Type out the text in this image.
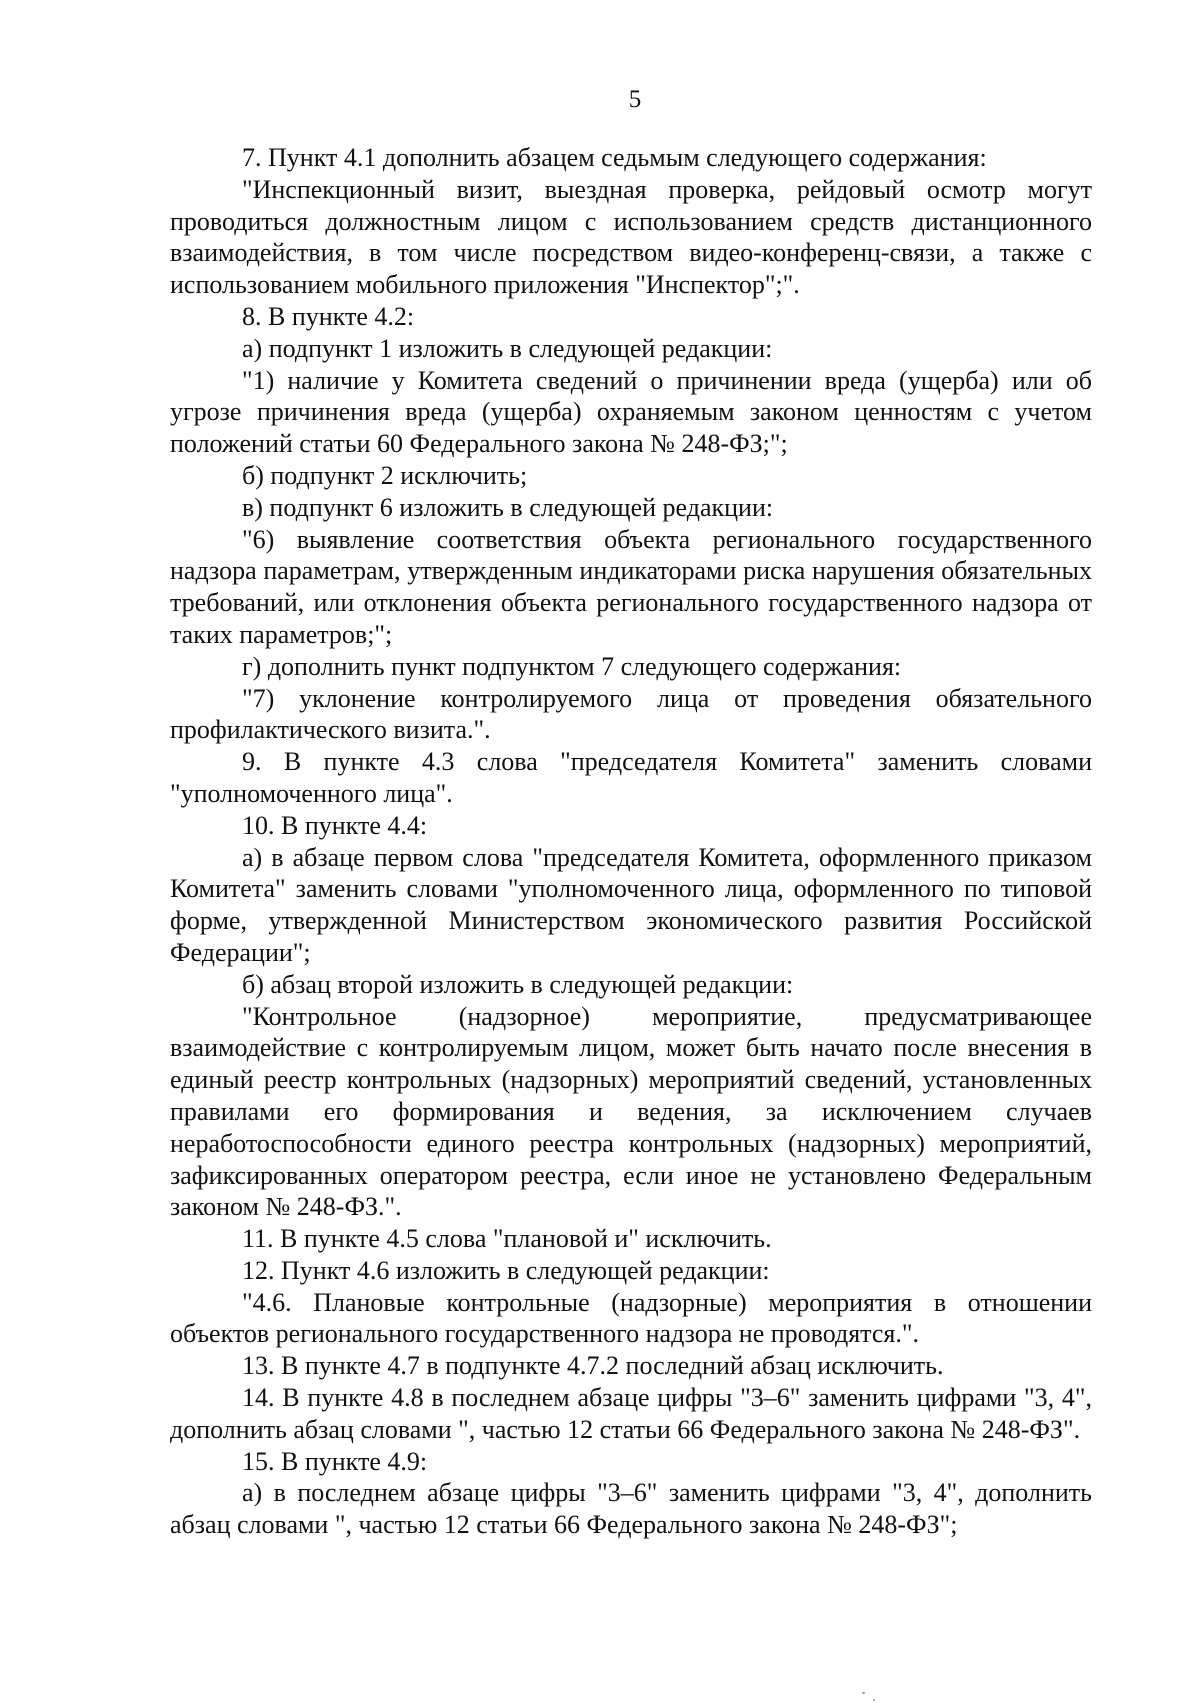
5

7. Пункт 4.1 дополнить абзацем седьмым следующего содержания:

"Инспекционный визит, выездная проверка, рейдовый осмотр могут проводиться должностным лицом с использованием средств дистанционного взаимодействия, в том числе посредством видео-конференц-связи, а также с использованием мобильного приложения "Инспектор";".

8. В пункте 4.2:

а) подпункт 1 изложить в следующей редакции:

"1) наличие у Комитета сведений о причинении вреда (ущерба) или об угрозе причинения вреда (ущерба) охраняемым законом ценностям с учетом положений статьи 60 Федерального закона № 248-ФЗ;";

б) подпункт 2 исключить;

в) подпункт 6 изложить в следующей редакции:

"6) выявление соответствия объекта регионального государственного надзора параметрам, утвержденным индикаторами риска нарушения обязательных требований, или отклонения объекта регионального государственного надзора от таких параметров;";

г) дополнить пункт подпунктом 7 следующего содержания:

"7) уклонение контролируемого лица от проведения обязательного профилактического визита.".

9. В пункте 4.3 слова "председателя Комитета" заменить словами "уполномоченного лица".

10. В пункте 4.4:

а) в абзаце первом слова "председателя Комитета, оформленного приказом Комитета" заменить словами "уполномоченного лица, оформленного по типовой форме, утвержденной Министерством экономического развития Российской Федерации";

б) абзац второй изложить в следующей редакции:

"Контрольное (надзорное) мероприятие, предусматривающее взаимодействие с контролируемым лицом, может быть начато после внесения в единый реестр контрольных (надзорных) мероприятий сведений, установленных правилами его формирования и ведения, за исключением случаев неработоспособности единого реестра контрольных (надзорных) мероприятий, зафиксированных оператором реестра, если иное не установлено Федеральным законом № 248-ФЗ.".

11. В пункте 4.5 слова "плановой и" исключить.

12. Пункт 4.6 изложить в следующей редакции:

"4.6. Плановые контрольные (надзорные) мероприятия в отношении объектов регионального государственного надзора не проводятся.".

13. В пункте 4.7 в подпункте 4.7.2 последний абзац исключить.

14. В пункте 4.8 в последнем абзаце цифры "3–6" заменить цифрами "3, 4", дополнить абзац словами ", частью 12 статьи 66 Федерального закона № 248-ФЗ".

15. В пункте 4.9:

а) в последнем абзаце цифры "3–6" заменить цифрами "3, 4", дополнить абзац словами ", частью 12 статьи 66 Федерального закона № 248-ФЗ";
